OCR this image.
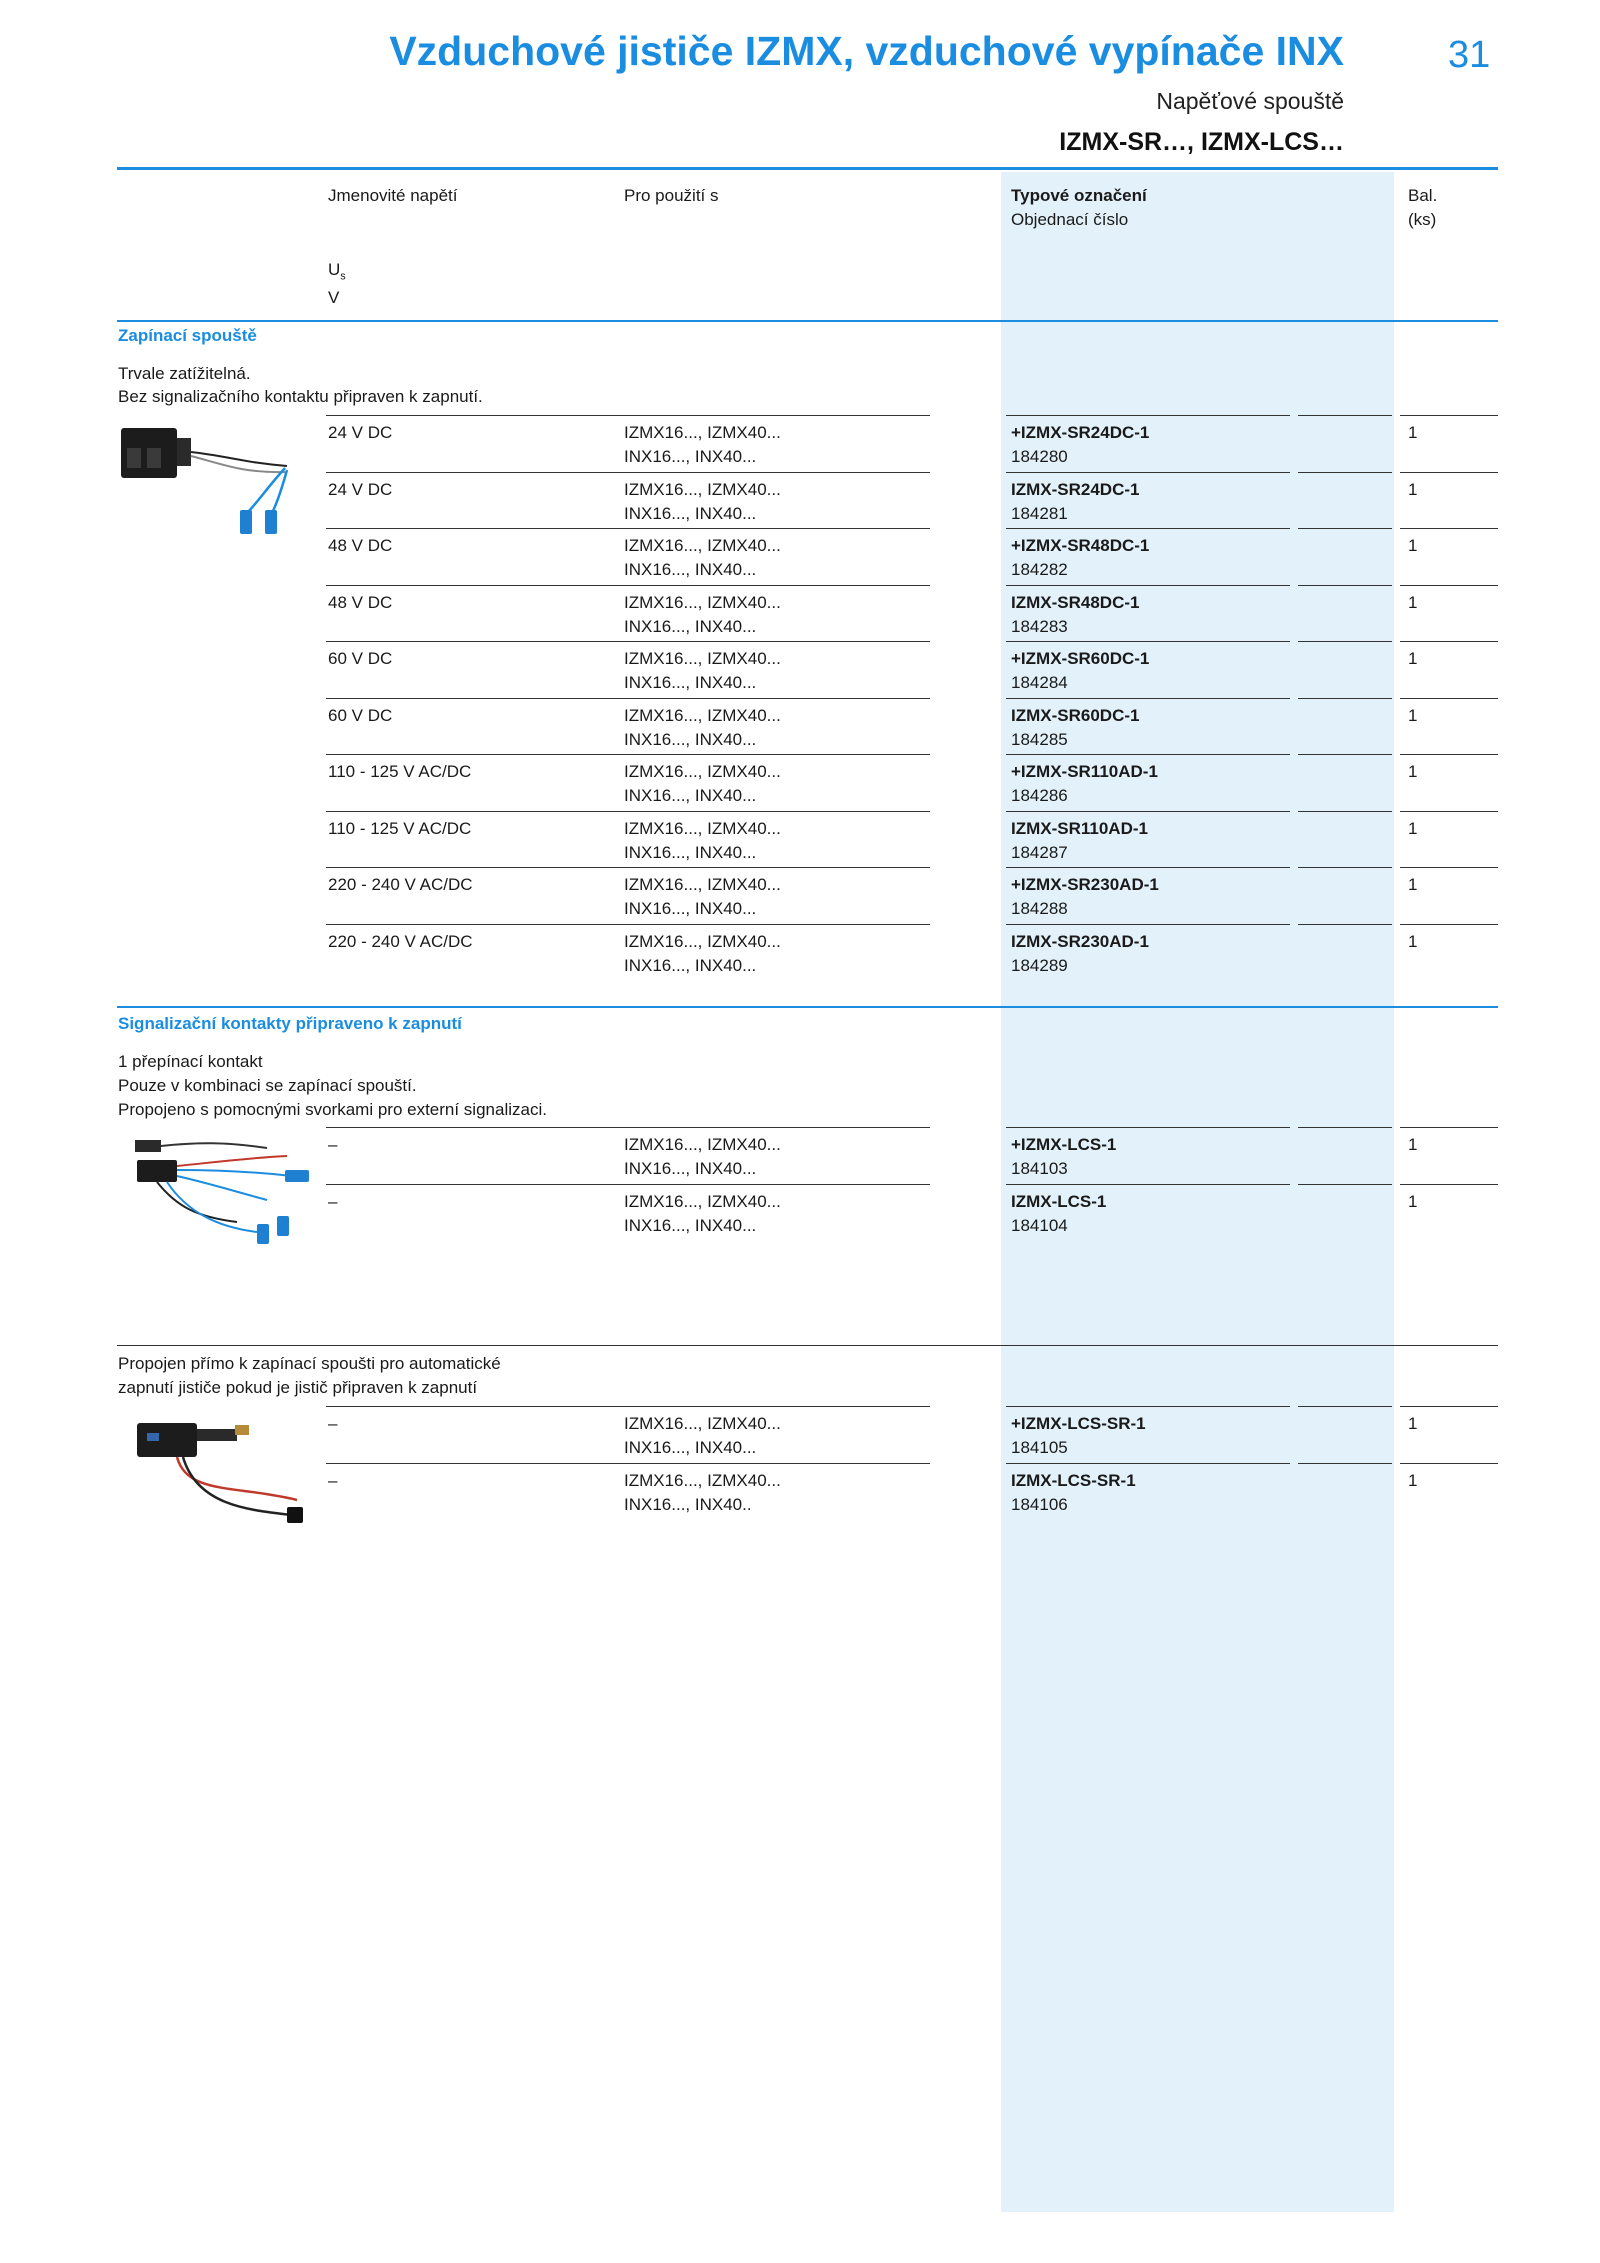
Vzduchové jističe IZMX, vzduchové vypínače INX	31
Napěťové spouště
IZMX-SR…, IZMX-LCS…
Jmenovité napětí	Pro použití s	Typové označení
Objednací číslo
Bal.
(ks)
$U_s$
V
Zapínací spouště
Trvale zatížitelná.
Bez signalizačního kontaktu připraven k zapnutí.
24 V DC	IZMX16..., IZMX40...
INX16..., INX40...
+IZMX-SR24DC-1
184280
1
24 V DC	IZMX16..., IZMX40...
INX16..., INX40...
IZMX-SR24DC-1
184281
1
48 V DC	IZMX16..., IZMX40...
INX16..., INX40...
+IZMX-SR48DC-1
184282
1
48 V DC	IZMX16..., IZMX40...
INX16..., INX40...
IZMX-SR48DC-1
184283
1
60 V DC	IZMX16..., IZMX40...
INX16..., INX40...
+IZMX-SR60DC-1
184284
1
60 V DC	IZMX16..., IZMX40...
INX16..., INX40...
IZMX-SR60DC-1
184285
1
110 - 125 V AC/DC	IZMX16..., IZMX40...
INX16..., INX40...
+IZMX-SR110AD-1
184286
1
110 - 125 V AC/DC	IZMX16..., IZMX40...
INX16..., INX40...
IZMX-SR110AD-1
184287
1
220 - 240 V AC/DC	IZMX16..., IZMX40...
INX16..., INX40...
+IZMX-SR230AD-1
184288
1
220 - 240 V AC/DC	IZMX16..., IZMX40...
INX16..., INX40...
IZMX-SR230AD-1
184289
1
Signalizační kontakty připraveno k zapnutí
1 přepínací kontakt
Pouze v kombinaci se zapínací spouští.
Propojeno s pomocnými svorkami pro externí signalizaci.
–	IZMX16..., IZMX40...
INX16..., INX40...
+IZMX-LCS-1
184103
1
–	IZMX16..., IZMX40...
INX16..., INX40...
IZMX-LCS-1
184104
1
Propojen přímo k zapínací spoušti pro automatické
zapnutí jističe pokud je jistič připraven k zapnutí
–	IZMX16..., IZMX40...
INX16..., INX40...
+IZMX-LCS-SR-1
184105
1
–	IZMX16..., IZMX40...
INX16..., INX40..
IZMX-LCS-SR-1
184106
1
